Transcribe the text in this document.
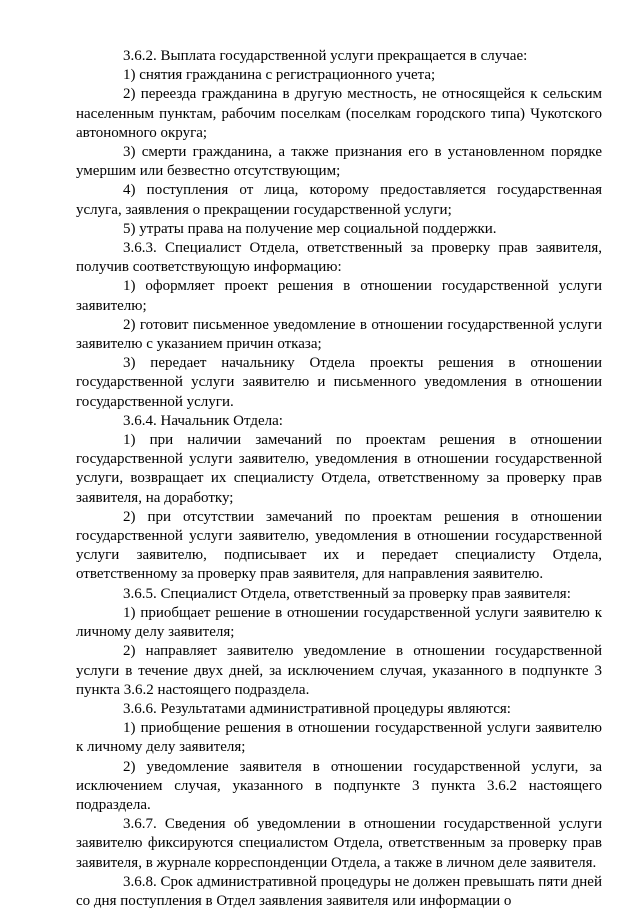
3.6.2. Выплата государственной услуги прекращается в случае:

1) снятия гражданина с регистрационного учета;

2) переезда гражданина в другую местность, не относящейся к сельским населенным пунктам, рабочим поселкам (поселкам городского типа) Чукотского автономного округа;

3) смерти гражданина, а также признания его в установленном порядке умершим или безвестно отсутствующим;

4) поступления от лица, которому предоставляется государственная услуга, заявления о прекращении государственной услуги;

5) утраты права на получение мер социальной поддержки.

3.6.3. Специалист Отдела, ответственный за проверку прав заявителя, получив соответствующую информацию:

1) оформляет проект решения в отношении государственной услуги заявителю;

2) готовит письменное уведомление в отношении государственной услуги заявителю с указанием причин отказа;

3) передает начальнику Отдела проекты решения в отношении государственной услуги заявителю и письменного уведомления в отношении государственной услуги.

3.6.4. Начальник Отдела:

1) при наличии замечаний по проектам решения в отношении государственной услуги заявителю, уведомления в отношении государственной услуги, возвращает их специалисту Отдела, ответственному за проверку прав заявителя, на доработку;

2) при отсутствии замечаний по проектам решения в отношении государственной услуги заявителю, уведомления в отношении государственной услуги заявителю, подписывает их и передает специалисту Отдела, ответственному за проверку прав заявителя, для направления заявителю.

3.6.5. Специалист Отдела, ответственный за проверку прав заявителя:

1) приобщает решение в отношении государственной услуги заявителю к личному делу заявителя;

2) направляет заявителю уведомление в отношении государственной услуги в течение двух дней, за исключением случая, указанного в подпункте 3 пункта 3.6.2 настоящего подраздела.

3.6.6. Результатами административной процедуры являются:

1) приобщение решения в отношении государственной услуги заявителю к личному делу заявителя;

2) уведомление заявителя в отношении государственной услуги, за исключением случая, указанного в подпункте 3 пункта 3.6.2 настоящего подраздела.

3.6.7. Сведения об уведомлении в отношении государственной услуги заявителю фиксируются специалистом Отдела, ответственным за проверку прав заявителя, в журнале корреспонденции Отдела, а также в личном деле заявителя.

3.6.8. Срок административной процедуры не должен превышать пяти дней со дня поступления в Отдел заявления заявителя или информации о
